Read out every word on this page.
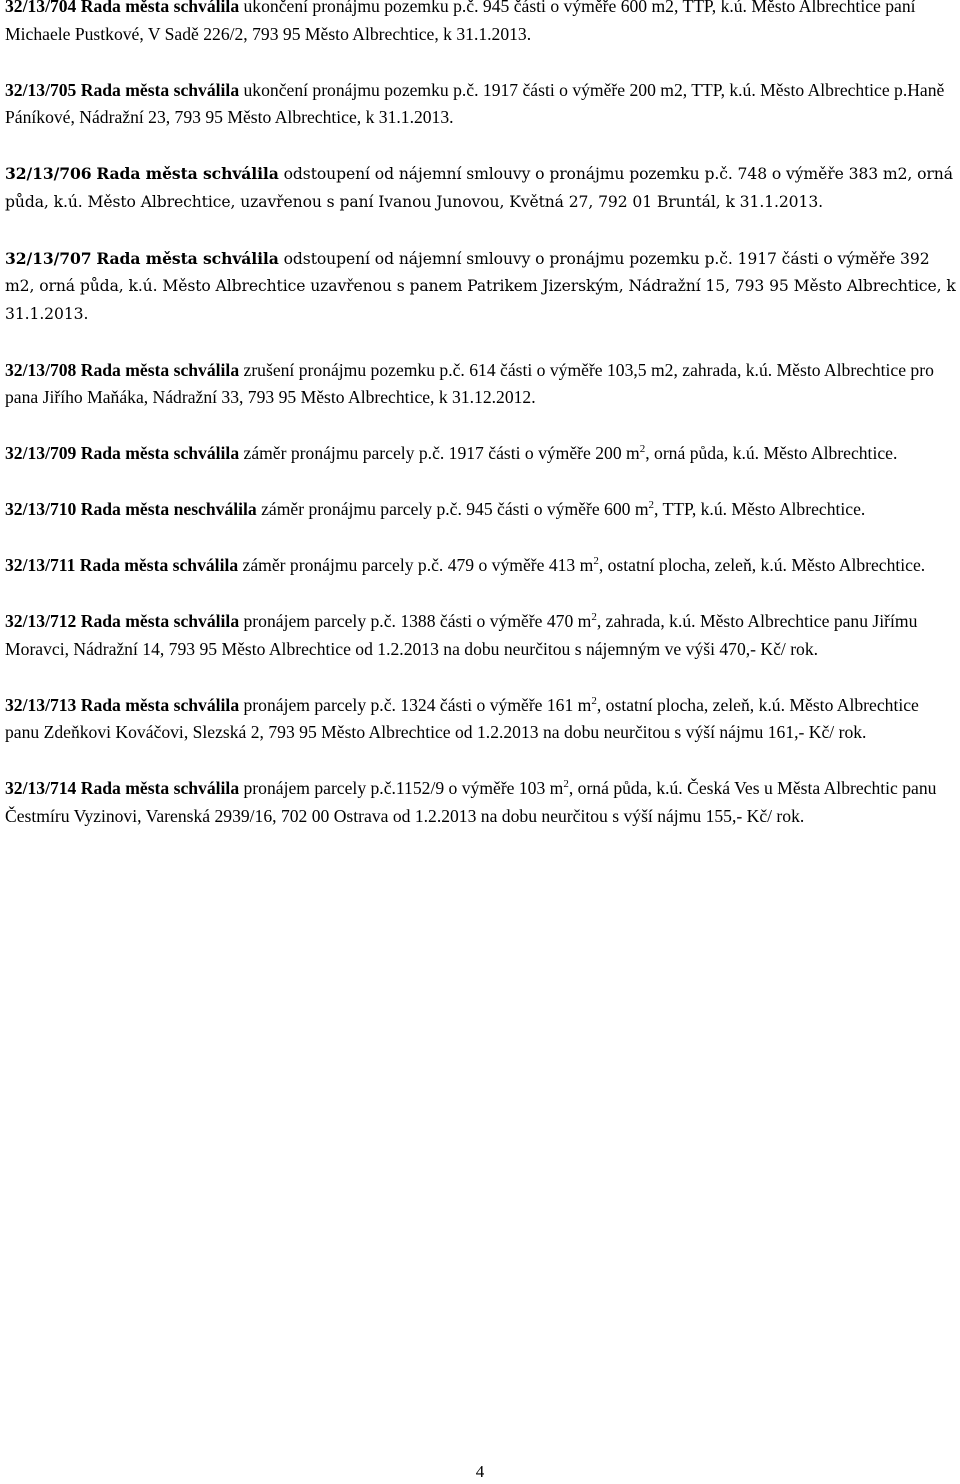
32/13/704 Rada města schválila ukončení pronájmu pozemku p.č. 945 části o výměře 600 m2, TTP, k.ú. Město Albrechtice paní Michaele Pustkové, V Sadě 226/2, 793 95 Město Albrechtice, k 31.1.2013.

32/13/705 Rada města schválila ukončení pronájmu pozemku p.č. 1917 části o výměře 200 m2, TTP, k.ú. Město Albrechtice p.Haně Páníkové, Nádražní 23, 793 95 Město Albrechtice, k 31.1.2013.

32/13/706 Rada města schválila odstoupení od nájemní smlouvy o pronájmu pozemku p.č. 748 o výměře 383 m2, orná půda, k.ú. Město Albrechtice, uzavřenou s paní Ivanou Junovou, Květná 27, 792 01 Bruntál, k 31.1.2013.

32/13/707 Rada města schválila odstoupení od nájemní smlouvy o pronájmu pozemku p.č. 1917 části o výměře 392 m2, orná půda, k.ú. Město Albrechtice uzavřenou s panem Patrikem Jizerským, Nádražní 15, 793 95 Město Albrechtice, k 31.1.2013.

32/13/708 Rada města schválila zrušení pronájmu pozemku p.č. 614 části o výměře 103,5 m2, zahrada, k.ú. Město Albrechtice pro pana Jiřího Maňáka, Nádražní 33, 793 95 Město Albrechtice, k 31.12.2012.

32/13/709 Rada města schválila záměr pronájmu parcely p.č. 1917 části o výměře 200 $m^2$, orná půda, k.ú. Město Albrechtice.

32/13/710 Rada města neschválila záměr pronájmu parcely p.č. 945 části o výměře 600 $m^2$, TTP, k.ú. Město Albrechtice.

32/13/711 Rada města schválila záměr pronájmu parcely p.č. 479 o výměře 413 $m^2$, ostatní plocha, zeleň, k.ú. Město Albrechtice.

32/13/712 Rada města schválila pronájem parcely p.č. 1388 části o výměře 470 $m^2$, zahrada, k.ú. Město Albrechtice panu Jiřímu Moravci, Nádražní 14, 793 95 Město Albrechtice od 1.2.2013 na dobu neurčitou s nájemným ve výši 470,- Kč/ rok.

32/13/713 Rada města schválila pronájem parcely p.č. 1324 části o výměře 161 $m^2$, ostatní plocha, zeleň, k.ú. Město Albrechtice panu Zdeňkovi Kováčovi, Slezská 2, 793 95 Město Albrechtice od 1.2.2013 na dobu neurčitou s výší nájmu 161,- Kč/ rok.

32/13/714 Rada města schválila pronájem parcely p.č.1152/9 o výměře 103 $m^2$, orná půda, k.ú. Česká Ves u Města Albrechtic panu Čestmíru Vyzinovi, Varenská 2939/16, 702 00 Ostrava od 1.2.2013 na dobu neurčitou s výší nájmu 155,- Kč/ rok.

4
